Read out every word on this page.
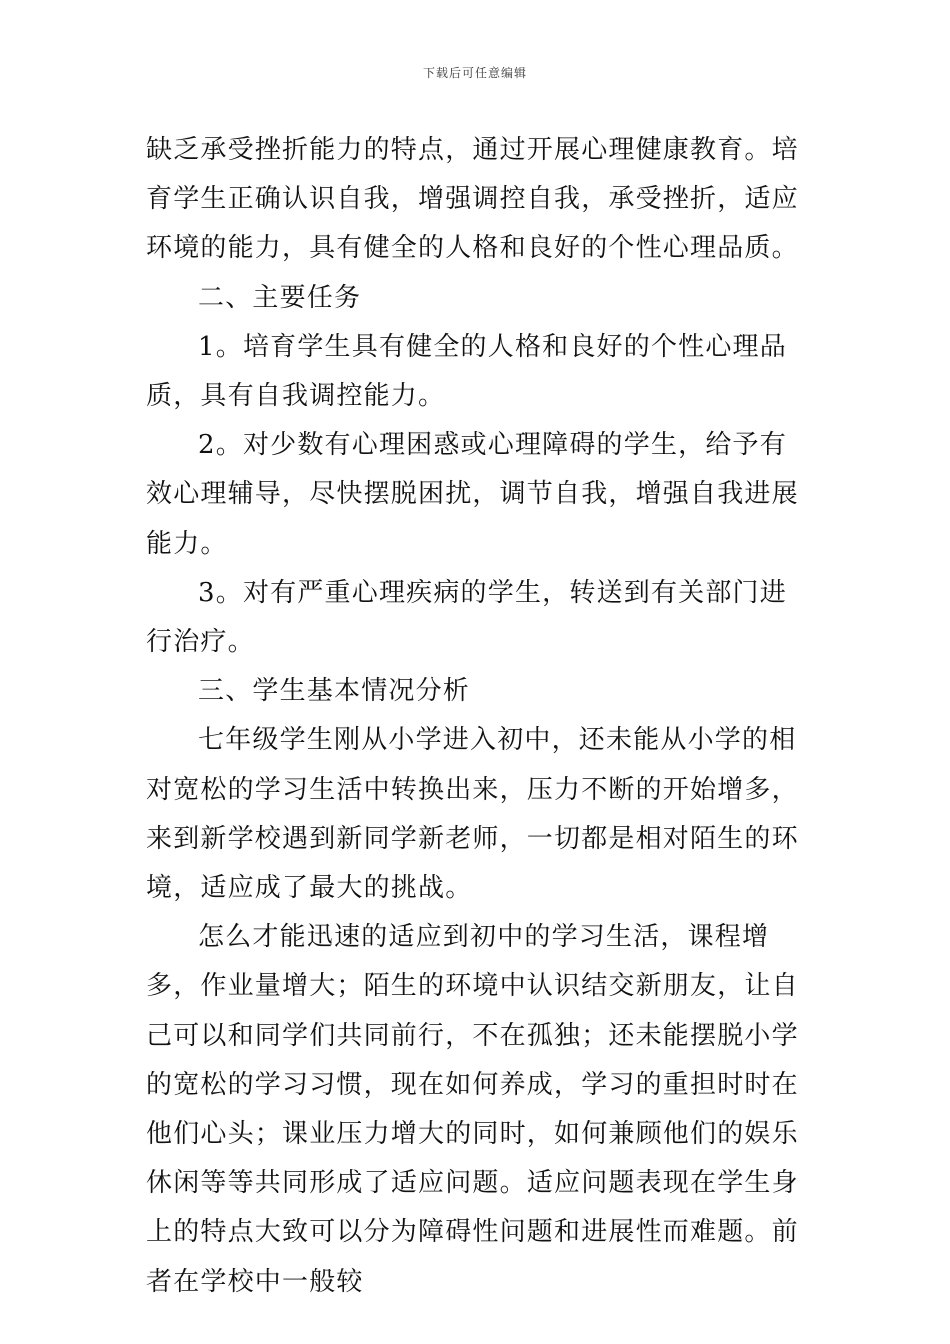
下载后可任意编辑

缺乏承受挫折能力的特点，通过开展心理健康教育。培育学生正确认识自我，增强调控自我，承受挫折，适应环境的能力，具有健全的人格和良好的个性心理品质。

二、主要任务

1。培育学生具有健全的人格和良好的个性心理品质，具有自我调控能力。

2。对少数有心理困惑或心理障碍的学生，给予有效心理辅导，尽快摆脱困扰，调节自我，增强自我进展能力。

3。对有严重心理疾病的学生，转送到有关部门进行治疗。

三、学生基本情况分析

七年级学生刚从小学进入初中，还未能从小学的相对宽松的学习生活中转换出来，压力不断的开始增多，来到新学校遇到新同学新老师，一切都是相对陌生的环境，适应成了最大的挑战。

怎么才能迅速的适应到初中的学习生活，课程增多，作业量增大；陌生的环境中认识结交新朋友，让自己可以和同学们共同前行，不在孤独；还未能摆脱小学的宽松的学习习惯，现在如何养成，学习的重担时时在他们心头；课业压力增大的同时，如何兼顾他们的娱乐休闲等等共同形成了适应问题。适应问题表现在学生身上的特点大致可以分为障碍性问题和进展性而难题。前者在学校中一般较
